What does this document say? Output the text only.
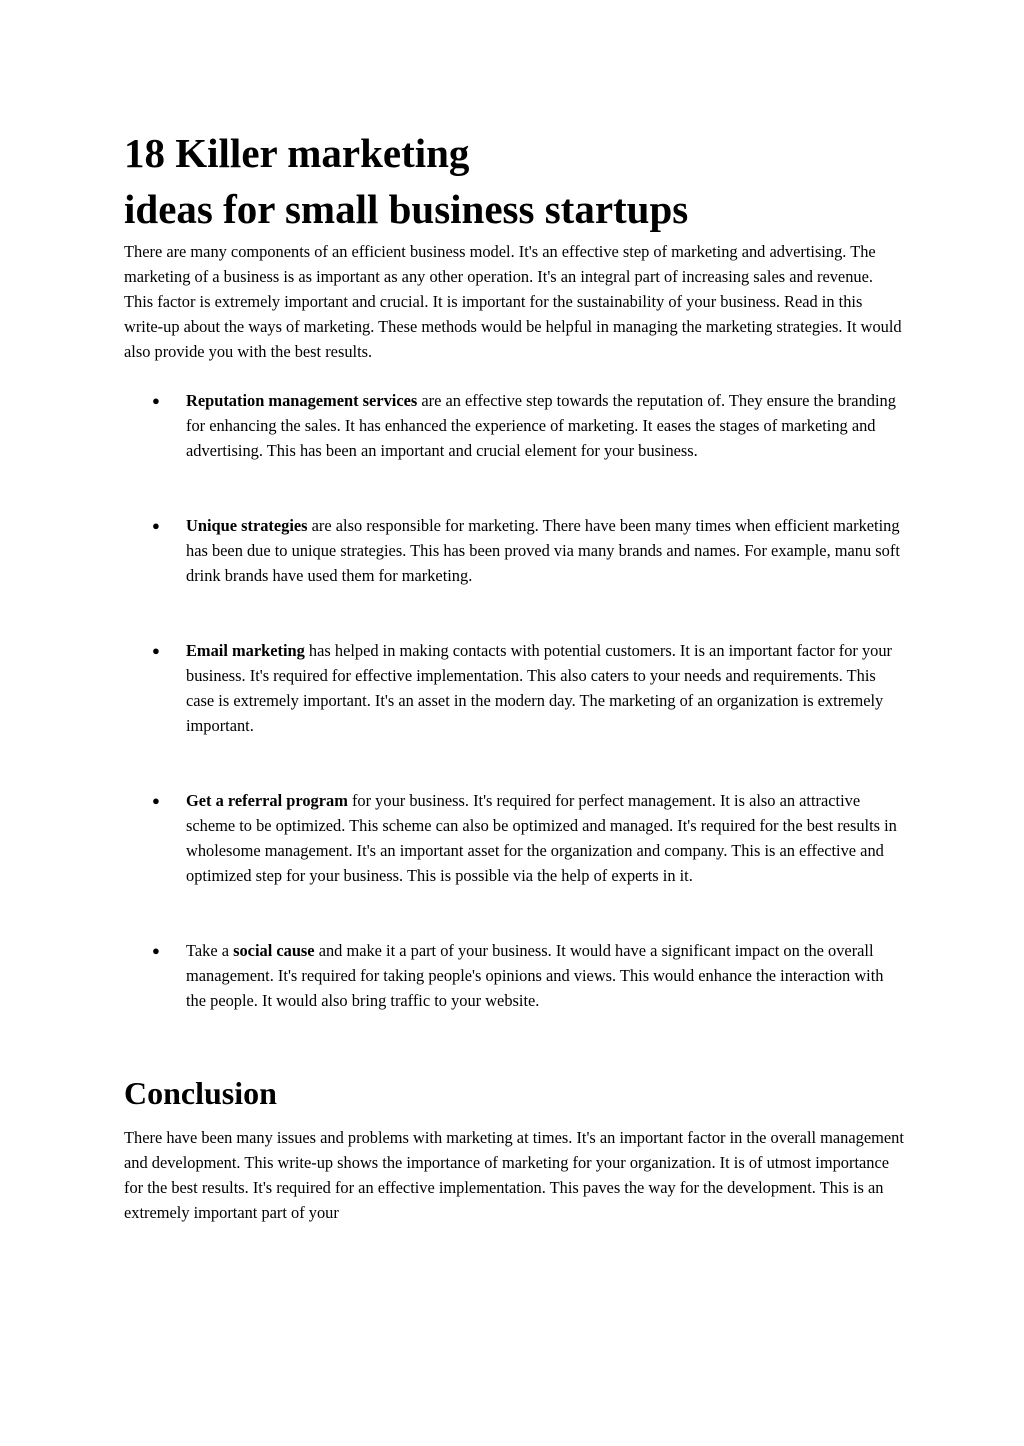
18 Killer marketing
ideas for small business startups

There are many components of an efficient business model. It's an effective step of marketing and advertising. The marketing of a business is as important as any other operation. It's an integral part of increasing sales and revenue. This factor is extremely important and crucial. It is important for the sustainability of your business. Read in this write-up about the ways of marketing. These methods would be helpful in managing the marketing strategies. It would also provide you with the best results.

● Reputation management services are an effective step towards the reputation of. They ensure the branding for enhancing the sales. It has enhanced the experience of marketing. It eases the stages of marketing and advertising. This has been an important and crucial element for your business.
● Unique strategies are also responsible for marketing. There have been many times when efficient marketing has been due to unique strategies. This has been proved via many brands and names. For example, manu soft drink brands have used them for marketing.
● Email marketing has helped in making contacts with potential customers. It is an important factor for your business. It's required for effective implementation. This also caters to your needs and requirements. This case is extremely important. It's an asset in the modern day. The marketing of an organization is extremely important.
● Get a referral program for your business. It's required for perfect management. It is also an attractive scheme to be optimized. This scheme can also be optimized and managed. It's required for the best results in wholesome management. It's an important asset for the organization and company. This is an effective and optimized step for your business. This is possible via the help of experts in it.
● Take a social cause and make it a part of your business. It would have a significant impact on the overall management. It's required for taking people's opinions and views. This would enhance the interaction with the people. It would also bring traffic to your website.
Conclusion

There have been many issues and problems with marketing at times. It's an important factor in the overall management and development. This write-up shows the importance of marketing for your organization. It is of utmost importance for the best results. It's required for an effective implementation. This paves the way for the development. This is an extremely important part of your
